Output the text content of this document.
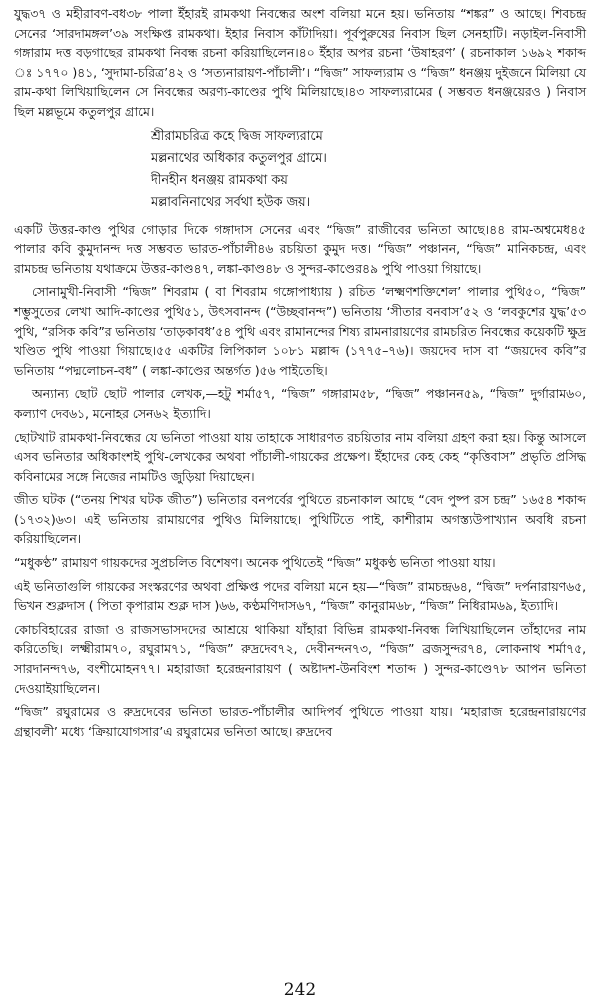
যুদ্ধ৩৭ ও মহীরাবণ-বধ৩৮ পালা ইঁহারই রামকথা নিবন্ধের অংশ বলিয়া মনে হয়। ভনিতায় “শঙ্কর” ও আছে। শিবচন্দ্র সেনের ‘সারদামঙ্গল’৩৯ সংক্ষিপ্ত রামকথা। ইহার নিবাস কাঁটাদিয়া। পূর্বপুরুষের নিবাস ছিল সেনহাটি। নড়াইল-নিবাসী গঙ্গারাম দত্ত বড়গাছের রামকথা নিবন্ধ রচনা করিয়াছিলেন।৪০ ইঁহার অপর রচনা ‘উষাহরণ’ ( রচনাকাল ১৬৯২ শকাব্দ ঃ ১৭৭০ )৪১, ‘সুদামা-চরিত্র’৪২ ও ‘সত্যনারায়ণ-পাঁচালী’। “দ্বিজ” সাফল্যরাম ও “দ্বিজ” ধনঞ্জয় দুইজনে মিলিয়া যে রাম-কথা লিখিয়াছিলেন সে নিবন্ধের অরণ্য-কাণ্ডের পুথি মিলিয়াছে।৪৩ সাফল্যরামের ( সম্ভবত ধনঞ্জয়েরও ) নিবাস ছিল মল্লভূমে কতুলপুর গ্রামে।

শ্রীরামচরিত্র কহে দ্বিজ সাফল্যরামে
মল্লনাথের অধিকার কতুলপুর গ্রামে।
দীনহীন ধনঞ্জয় রামকথা কয়
মল্লাবনিনাথের সর্বথা হউক জয়।

একটি উত্তর-কাণ্ড পুথির গোড়ার দিকে গঙ্গাদাস সেনের এবং “দ্বিজ” রাজীবের ভনিতা আছে।৪৪ রাম-অশ্বমেধ৪৫ পালার কবি কুমুদানন্দ দত্ত সম্ভবত ভারত-পাঁচালী৪৬ রচয়িতা কুমুদ দত্ত। “দ্বিজ” পঞ্চানন, “দ্বিজ” মানিকচন্দ্র, এবং রামচন্দ্র ভনিতায় যথাক্রমে উত্তর-কাণ্ড৪৭, লঙ্কা-কাণ্ড৪৮ ও সুন্দর-কাণ্ডের৪৯ পুথি পাওয়া গিয়াছে।

সোনামুখী-নিবাসী “দ্বিজ” শিবরাম ( বা শিবরাম গঙ্গোপাধ্যায় ) রচিত ‘লক্ষ্মণশক্তিশেল’ পালার পুথি৫০, “দ্বিজ” শম্ভুসুতের লেখা আদি-কাণ্ডের পুথি৫১, উৎসবানন্দ (“উচ্ছবানন্দ”) ভনিতায় ‘সীতার বনবাস’৫২ ও ‘লবকুশের যুদ্ধ’৫৩ পুথি, “রসিক কবি”র ভনিতায় ‘তাড়কাবধ’৫৪ পুথি এবং রামানন্দের শিষ্য রামনারায়ণের রামচরিত নিবন্ধের কয়েকটি ক্ষুদ্র খণ্ডিত পুথি পাওয়া গিয়াছে।৫৫ একটির লিপিকাল ১০৮১ মল্লাব্দ (১৭৭৫–৭৬)। জয়দেব দাস বা “জয়দেব কবি”র ভনিতায় “পদ্মলোচন-বধ” ( লঙ্কা-কাণ্ডের অন্তর্গত )৫৬ পাইতেছি।

অন্যান্য ছোট ছোট পালার লেখক,—হটু শর্মা৫৭, “দ্বিজ” গঙ্গারাম৫৮, “দ্বিজ” পঞ্চানন৫৯, “দ্বিজ” দুর্গারাম৬০, কল্যাণ দেব৬১, মনোহর সেন৬২ ইত্যাদি।

ছোটখাট রামকথা-নিবন্ধের যে ভনিতা পাওয়া যায় তাহাকে সাধারণত রচয়িতার নাম বলিয়া গ্রহণ করা হয়। কিন্তু আসলে এসব ভনিতার অধিকাংশই পুথি-লেখকের অথবা পাঁচালী-গায়কের প্রক্ষেপ। ইঁহাদের কেহ কেহ “কৃত্তিবাস” প্রভৃতি প্রসিদ্ধ কবিনামের সঙ্গে নিজের নামটিও জুড়িয়া দিয়াছেন।

জীত ঘটক (“তনয় শিখর ঘটক জীত”) ভনিতার বনপর্বের পুথিতে রচনাকাল আছে “বেদ পুষ্প রস চন্দ্র” ১৬৫৪ শকাব্দ (১৭৩২)৬৩। এই ভনিতায় রামায়ণের পুথিও মিলিয়াছে। পুথিটিতে পাই, কাশীরাম অগস্ত্যউপাখ্যান অবধি রচনা করিয়াছিলেন।

“মধুকণ্ঠ” রামায়ণ গায়কদের সুপ্রচলিত বিশেষণ। অনেক পুথিতেই “দ্বিজ” মধুকণ্ঠ ভনিতা পাওয়া যায়।

এই ভনিতাগুলি গায়কের সংস্করণের অথবা প্রক্ষিপ্ত পদের বলিয়া মনে হয়—“দ্বিজ” রামচন্দ্র৬৪, “দ্বিজ” দর্পনারায়ণ৬৫, ভিখন শুক্লদাস ( পিতা কৃপারাম শুক্ল দাস )৬৬, কণ্ঠমণিদাস৬৭, “দ্বিজ” কানুরাম৬৮, “দ্বিজ” নিধিরাম৬৯, ইত্যাদি।

কোচবিহারের রাজা ও রাজসভাসদদের আশ্রয়ে থাকিয়া যাঁহারা বিভিন্ন রামকথা-নিবন্ধ লিখিয়াছিলেন তাঁহাদের নাম করিতেছি। লক্ষ্মীরাম৭০, রঘুরাম৭১, “দ্বিজ” রুদ্রদেব৭২, দেবীনন্দন৭৩, “দ্বিজ” ব্রজসুন্দর৭৪, লোকনাথ শর্মা৭৫, সারদানন্দ৭৬, বংশীমোহন৭৭। মহারাজা হরেন্দ্রনারায়ণ ( অষ্টাদশ-উনবিংশ শতাব্দ ) সুন্দর-কাণ্ডে৭৮ আপন ভনিতা দেওয়াইয়াছিলেন।

“দ্বিজ” রঘুরামের ও রুদ্রদেবের ভনিতা ভারত-পাঁচালীর আদিপর্ব পুথিতে পাওয়া যায়। ‘মহারাজ হরেন্দ্রনারায়ণের গ্রন্থাবলী’ মধ্যে ‘ক্রিয়াযোগসার’এ রঘুরামের ভনিতা আছে। রুদ্রদেব

242
